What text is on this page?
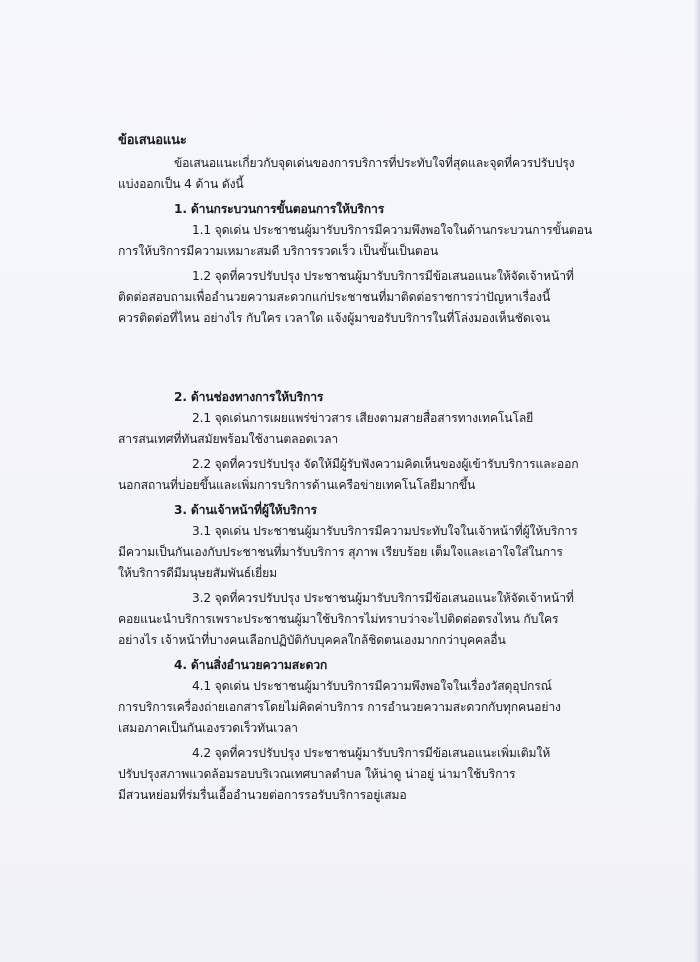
ข้อเสนอแนะ
ข้อเสนอแนะเกี่ยวกับจุดเด่นของการบริการที่ประทับใจที่สุดและจุดที่ควรปรับปรุง
แบ่งออกเป็น 4 ด้าน ดังนี้
1. ด้านกระบวนการขั้นตอนการให้บริการ
1.1 จุดเด่น ประชาชนผู้มารับบริการมีความพึงพอใจในด้านกระบวนการขั้นตอน
การให้บริการมีความเหมาะสมดี บริการรวดเร็ว เป็นขั้นเป็นตอน
1.2 จุดที่ควรปรับปรุง ประชาชนผู้มารับบริการมีข้อเสนอแนะให้จัดเจ้าหน้าที่
ติดต่อสอบถามเพื่ออำนวยความสะดวกแก่ประชาชนที่มาติดต่อราชการว่าปัญหาเรื่องนี้
ควรติดต่อที่ไหน อย่างไร กับใคร เวลาใด แจ้งผู้มาขอรับบริการในที่โล่งมองเห็นชัดเจน
2. ด้านช่องทางการให้บริการ
2.1 จุดเด่นการเผยแพร่ข่าวสาร เสียงตามสายสื่อสารทางเทคโนโลยี
สารสนเทศที่ทันสมัยพร้อมใช้งานตลอดเวลา
2.2 จุดที่ควรปรับปรุง จัดให้มีผู้รับฟังความคิดเห็นของผู้เข้ารับบริการและออก
นอกสถานที่บ่อยขึ้นและเพิ่มการบริการด้านเครือข่ายเทคโนโลยีมากขึ้น
3. ด้านเจ้าหน้าที่ผู้ให้บริการ
3.1 จุดเด่น ประชาชนผู้มารับบริการมีความประทับใจในเจ้าหน้าที่ผู้ให้บริการ
มีความเป็นกันเองกับประชาชนที่มารับบริการ สุภาพ เรียบร้อย เต็มใจและเอาใจใส่ในการ
ให้บริการดีมีมนุษยสัมพันธ์เยี่ยม
3.2 จุดที่ควรปรับปรุง ประชาชนผู้มารับบริการมีข้อเสนอแนะให้จัดเจ้าหน้าที่
คอยแนะนำบริการเพราะประชาชนผู้มาใช้บริการไม่ทราบว่าจะไปติดต่อตรงไหน กับใคร
อย่างไร เจ้าหน้าที่บางคนเลือกปฏิบัติกับบุคคลใกล้ชิดตนเองมากกว่าบุคคลอื่น
4. ด้านสิ่งอำนวยความสะดวก
4.1 จุดเด่น ประชาชนผู้มารับบริการมีความพึงพอใจในเรื่องวัสดุอุปกรณ์
การบริการเครื่องถ่ายเอกสารโดยไม่คิดค่าบริการ การอำนวยความสะดวกกับทุกคนอย่าง
เสมอภาคเป็นกันเองรวดเร็วทันเวลา
4.2 จุดที่ควรปรับปรุง ประชาชนผู้มารับบริการมีข้อเสนอแนะเพิ่มเติมให้
ปรับปรุงสภาพแวดล้อมรอบบริเวณเทศบาลตำบล ให้น่าดู น่าอยู่ น่ามาใช้บริการ
มีสวนหย่อมที่ร่มรื่นเอื้ออำนวยต่อการรอรับบริการอยู่เสมอ
